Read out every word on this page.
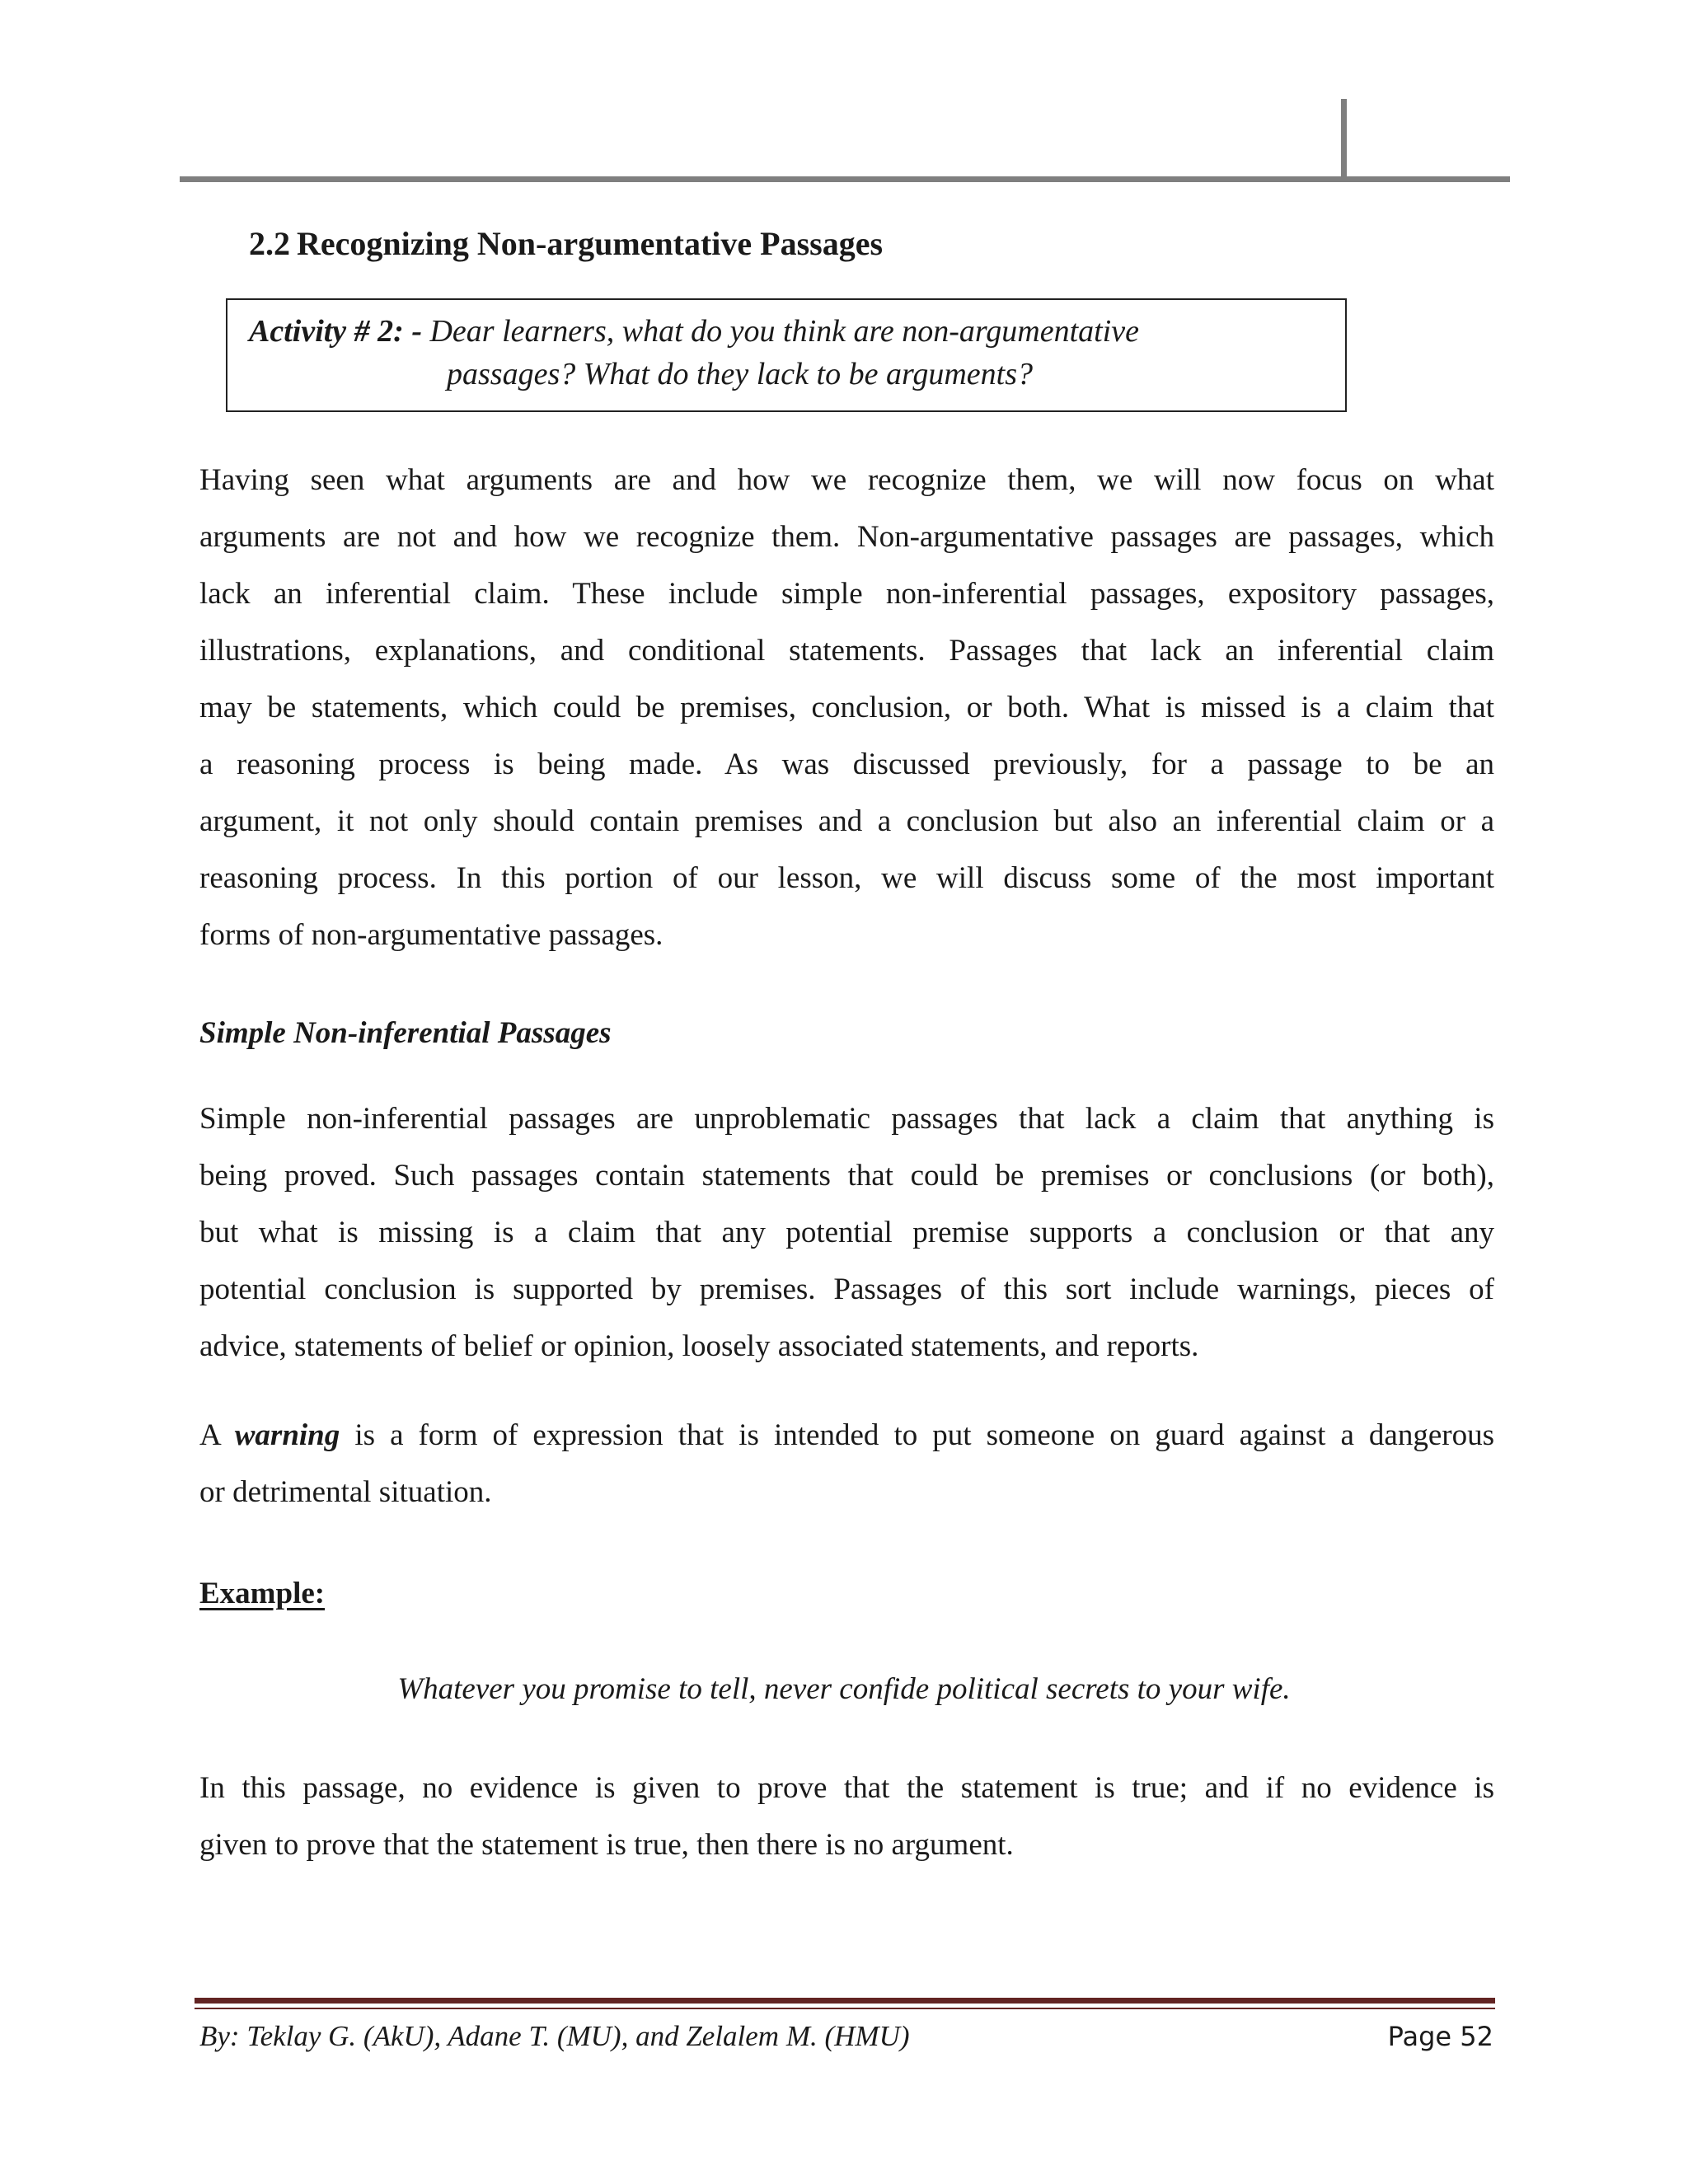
2.2 Recognizing Non-argumentative Passages
Activity # 2: - Dear learners, what do you think are non-argumentative
passages? What do they lack to be arguments?
Having seen what arguments are and how we recognize them, we will now focus on what
arguments are not and how we recognize them. Non-argumentative passages are passages, which
lack an inferential claim. These include simple non-inferential passages, expository passages,
illustrations, explanations, and conditional statements. Passages that lack an inferential claim
may be statements, which could be premises, conclusion, or both. What is missed is a claim that
a reasoning process is being made. As was discussed previously, for a passage to be an
argument, it not only should contain premises and a conclusion but also an inferential claim or a
reasoning process. In this portion of our lesson, we will discuss some of the most important
forms of non-argumentative passages.
Simple Non-inferential Passages
Simple non-inferential passages are unproblematic passages that lack a claim that anything is
being proved. Such passages contain statements that could be premises or conclusions (or both),
but what is missing is a claim that any potential premise supports a conclusion or that any
potential conclusion is supported by premises. Passages of this sort include warnings, pieces of
advice, statements of belief or opinion, loosely associated statements, and reports.
A warning is a form of expression that is intended to put someone on guard against a dangerous
or detrimental situation.
Example:
Whatever you promise to tell, never confide political secrets to your wife.
In this passage, no evidence is given to prove that the statement is true; and if no evidence is
given to prove that the statement is true, then there is no argument.
By: Teklay G. (AkU), Adane T. (MU), and Zelalem M. (HMU)	Page 52
